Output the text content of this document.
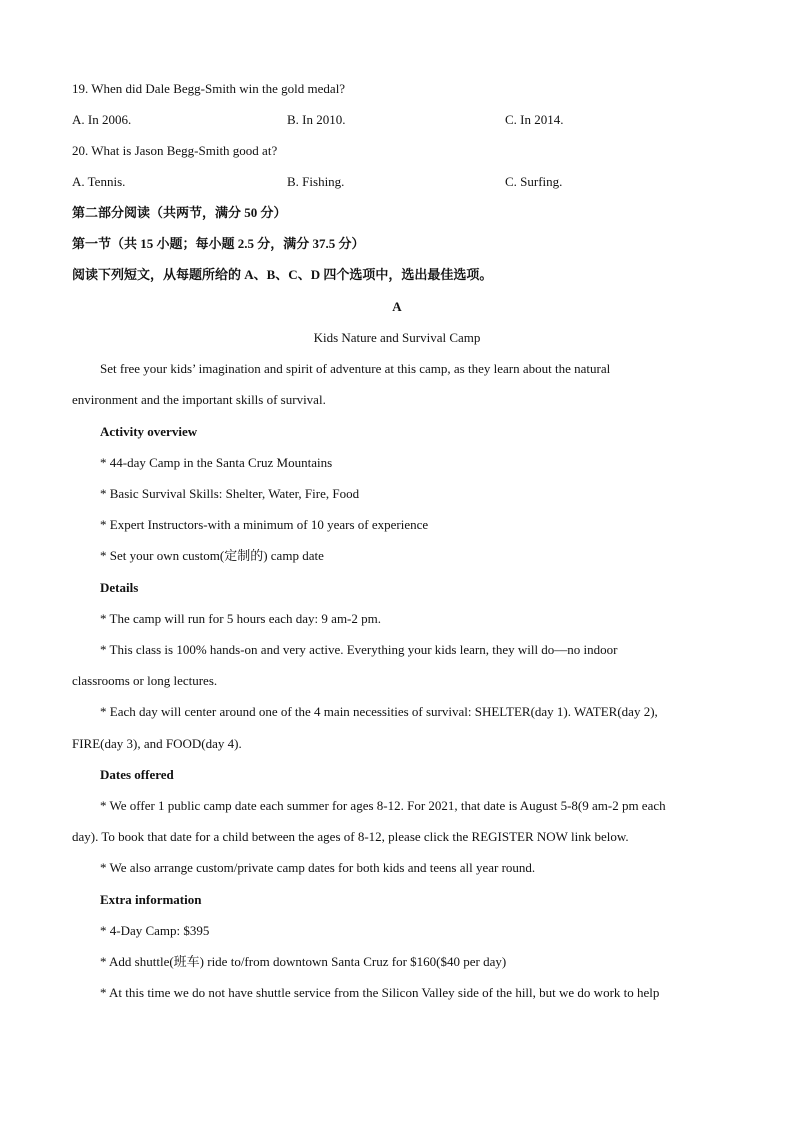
19. When did Dale Begg-Smith win the gold medal?
A. In 2006.	B. In 2010.	C. In 2014.
20. What is Jason Begg-Smith good at?
A. Tennis.	B. Fishing.	C. Surfing.
第二部分阅读（共两节，满分 50 分）
第一节（共 15 小题；每小题 2.5 分，满分 37.5 分）
阅读下列短文，从每题所给的 A、B、C、D 四个选项中，选出最佳选项。
A
Kids Nature and Survival Camp
Set free your kids’ imagination and spirit of adventure at this camp, as they learn about the natural
environment and the important skills of survival.
Activity overview
* 44-day Camp in the Santa Cruz Mountains
* Basic Survival Skills: Shelter, Water, Fire, Food
* Expert Instructors-with a minimum of 10 years of experience
* Set your own custom(定制的) camp date
Details
* The camp will run for 5 hours each day: 9 am-2 pm.
* This class is 100% hands-on and very active. Everything your kids learn, they will do—no indoor
classrooms or long lectures.
* Each day will center around one of the 4 main necessities of survival: SHELTER(day 1). WATER(day 2),
FIRE(day 3), and FOOD(day 4).
Dates offered
* We offer 1 public camp date each summer for ages 8-12. For 2021, that date is August 5-8(9 am-2 pm each
day). To book that date for a child between the ages of 8-12, please click the REGISTER NOW link below.
* We also arrange custom/private camp dates for both kids and teens all year round.
Extra information
* 4-Day Camp: $395
* Add shuttle(班车) ride to/from downtown Santa Cruz for $160($40 per day)
* At this time we do not have shuttle service from the Silicon Valley side of the hill, but we do work to help
